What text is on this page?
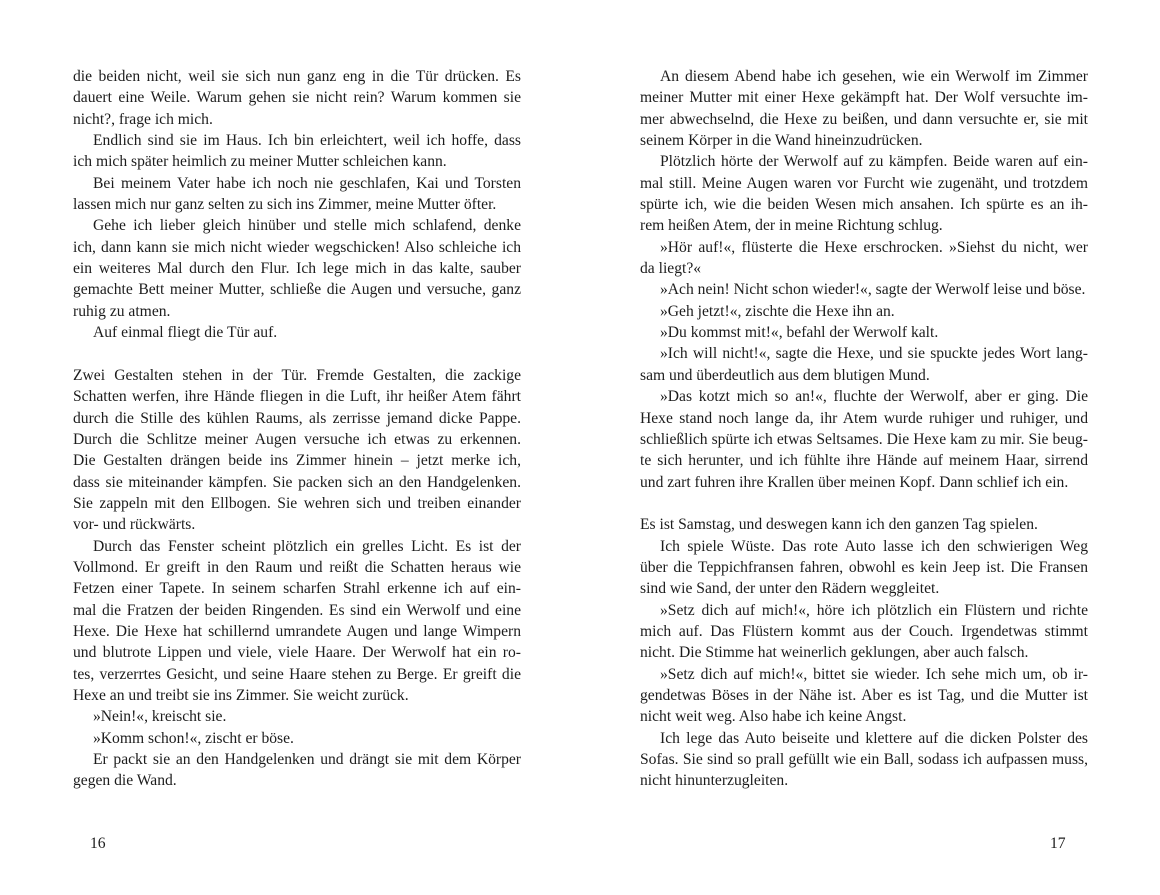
die beiden nicht, weil sie sich nun ganz eng in die Tür drücken. Es
dauert eine Weile. Warum gehen sie nicht rein? Warum kommen sie
nicht?, frage ich mich.
Endlich sind sie im Haus. Ich bin erleichtert, weil ich hoffe, dass
ich mich später heimlich zu meiner Mutter schleichen kann.
Bei meinem Vater habe ich noch nie geschlafen, Kai und Torsten
lassen mich nur ganz selten zu sich ins Zimmer, meine Mutter öfter.
Gehe ich lieber gleich hinüber und stelle mich schlafend, denke
ich, dann kann sie mich nicht wieder wegschicken! Also schleiche ich
ein weiteres Mal durch den Flur. Ich lege mich in das kalte, sauber
gemachte Bett meiner Mutter, schließe die Augen und versuche, ganz
ruhig zu atmen.
Auf einmal fliegt die Tür auf.
Zwei Gestalten stehen in der Tür. Fremde Gestalten, die zackige
Schatten werfen, ihre Hände fliegen in die Luft, ihr heißer Atem fährt
durch die Stille des kühlen Raums, als zerrisse jemand dicke Pappe.
Durch die Schlitze meiner Augen versuche ich etwas zu erkennen.
Die Gestalten drängen beide ins Zimmer hinein – jetzt merke ich,
dass sie miteinander kämpfen. Sie packen sich an den Handgelenken.
Sie zappeln mit den Ellbogen. Sie wehren sich und treiben einander
vor- und rückwärts.
Durch das Fenster scheint plötzlich ein grelles Licht. Es ist der
Vollmond. Er greift in den Raum und reißt die Schatten heraus wie
Fetzen einer Tapete. In seinem scharfen Strahl erkenne ich auf ein-
mal die Fratzen der beiden Ringenden. Es sind ein Werwolf und eine
Hexe. Die Hexe hat schillernd umrandete Augen und lange Wimpern
und blutrote Lippen und viele, viele Haare. Der Werwolf hat ein ro-
tes, verzerrtes Gesicht, und seine Haare stehen zu Berge. Er greift die
Hexe an und treibt sie ins Zimmer. Sie weicht zurück.
»Nein!«, kreischt sie.
»Komm schon!«, zischt er böse.
Er packt sie an den Handgelenken und drängt sie mit dem Körper
gegen die Wand.
An diesem Abend habe ich gesehen, wie ein Werwolf im Zimmer
meiner Mutter mit einer Hexe gekämpft hat. Der Wolf versuchte im-
mer abwechselnd, die Hexe zu beißen, und dann versuchte er, sie mit
seinem Körper in die Wand hineinzudrücken.
Plötzlich hörte der Werwolf auf zu kämpfen. Beide waren auf ein-
mal still. Meine Augen waren vor Furcht wie zugenäht, und trotzdem
spürte ich, wie die beiden Wesen mich ansahen. Ich spürte es an ih-
rem heißen Atem, der in meine Richtung schlug.
»Hör auf!«, flüsterte die Hexe erschrocken. »Siehst du nicht, wer
da liegt?«
»Ach nein! Nicht schon wieder!«, sagte der Werwolf leise und böse.
»Geh jetzt!«, zischte die Hexe ihn an.
»Du kommst mit!«, befahl der Werwolf kalt.
»Ich will nicht!«, sagte die Hexe, und sie spuckte jedes Wort lang-
sam und überdeutlich aus dem blutigen Mund.
»Das kotzt mich so an!«, fluchte der Werwolf, aber er ging. Die
Hexe stand noch lange da, ihr Atem wurde ruhiger und ruhiger, und
schließlich spürte ich etwas Seltsames. Die Hexe kam zu mir. Sie beug-
te sich herunter, und ich fühlte ihre Hände auf meinem Haar, sirrend
und zart fuhren ihre Krallen über meinen Kopf. Dann schlief ich ein.
Es ist Samstag, und deswegen kann ich den ganzen Tag spielen.
Ich spiele Wüste. Das rote Auto lasse ich den schwierigen Weg
über die Teppichfransen fahren, obwohl es kein Jeep ist. Die Fransen
sind wie Sand, der unter den Rädern weggleitet.
»Setz dich auf mich!«, höre ich plötzlich ein Flüstern und richte
mich auf. Das Flüstern kommt aus der Couch. Irgendetwas stimmt
nicht. Die Stimme hat weinerlich geklungen, aber auch falsch.
»Setz dich auf mich!«, bittet sie wieder. Ich sehe mich um, ob ir-
gendetwas Böses in der Nähe ist. Aber es ist Tag, und die Mutter ist
nicht weit weg. Also habe ich keine Angst.
Ich lege das Auto beiseite und klettere auf die dicken Polster des
Sofas. Sie sind so prall gefüllt wie ein Ball, sodass ich aufpassen muss,
nicht hinunterzugleiten.
16	17
